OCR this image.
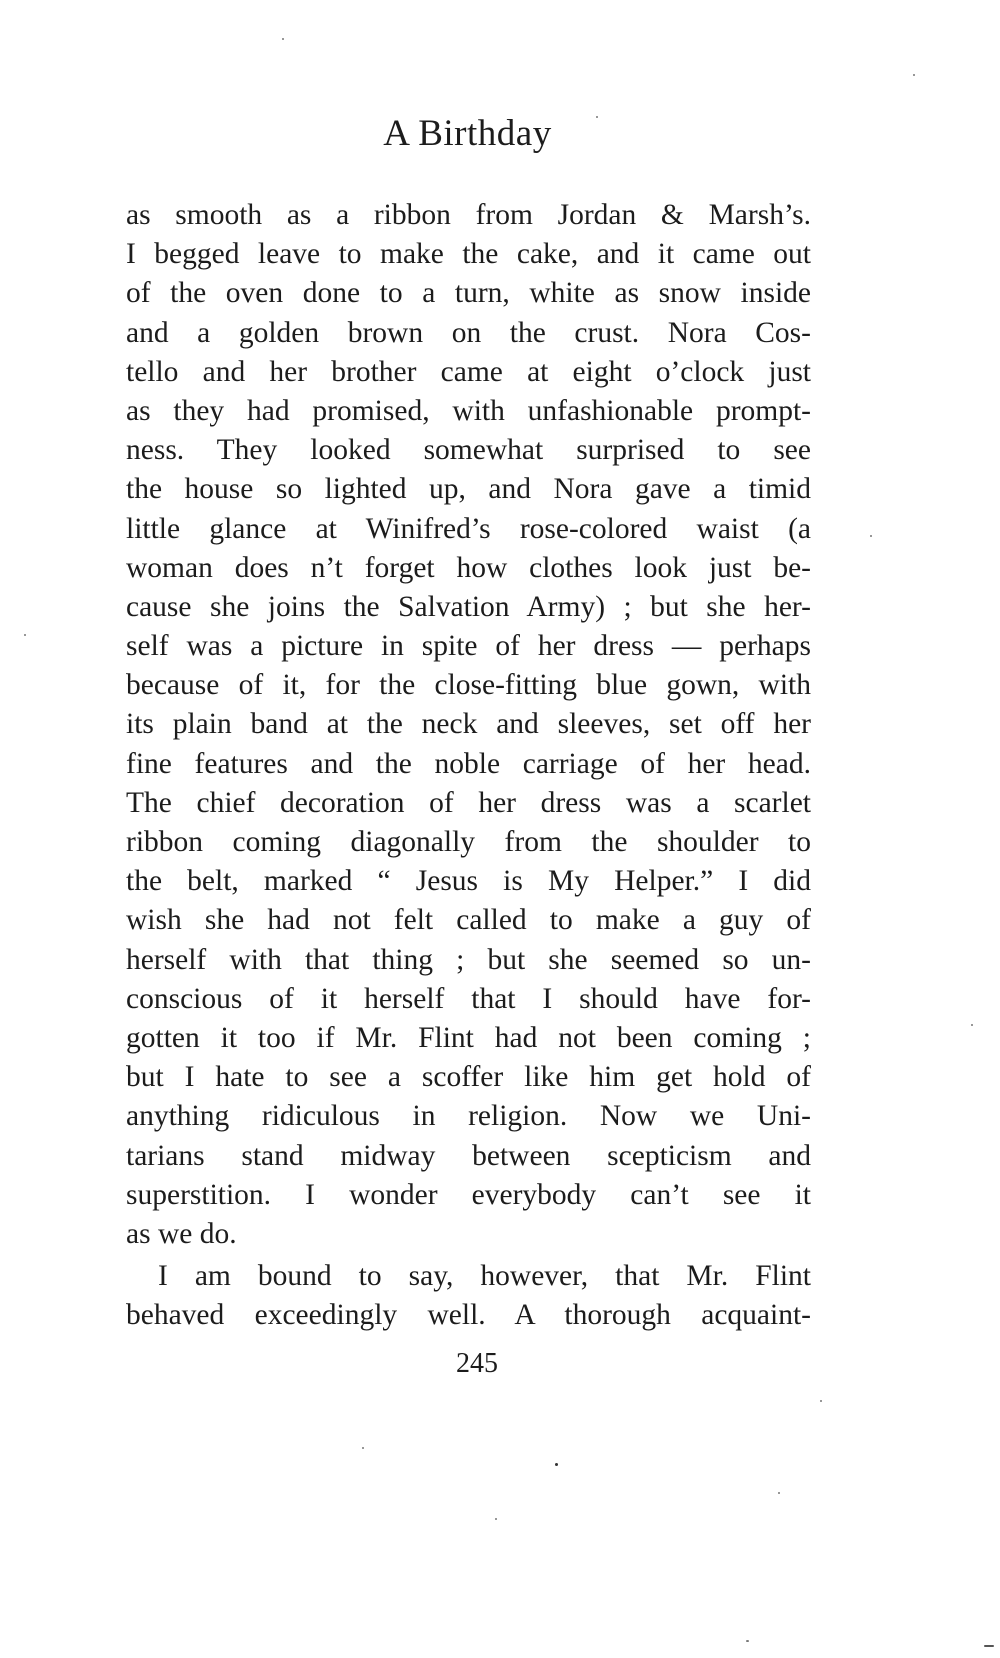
A Birthday
as smooth as a ribbon from Jordan & Marsh’s.
I begged leave to make the cake, and it came out
of the oven done to a turn, white as snow inside
and a golden brown on the crust. Nora Cos-
tello and her brother came at eight o’clock just
as they had promised, with unfashionable prompt-
ness. They looked somewhat surprised to see
the house so lighted up, and Nora gave a timid
little glance at Winifred’s rose-colored waist (a
woman does n’t forget how clothes look just be-
cause she joins the Salvation Army) ; but she her-
self was a picture in spite of her dress — perhaps
because of it, for the close-fitting blue gown, with
its plain band at the neck and sleeves, set off her
fine features and the noble carriage of her head.
The chief decoration of her dress was a scarlet
ribbon coming diagonally from the shoulder to
the belt, marked “ Jesus is My Helper.” I did
wish she had not felt called to make a guy of
herself with that thing ; but she seemed so un-
conscious of it herself that I should have for-
gotten it too if Mr. Flint had not been coming ;
but I hate to see a scoffer like him get hold of
anything ridiculous in religion. Now we Uni-
tarians stand midway between scepticism and
superstition. I wonder everybody can’t see it
as we do.
I am bound to say, however, that Mr. Flint
behaved exceedingly well. A thorough acquaint-
245
